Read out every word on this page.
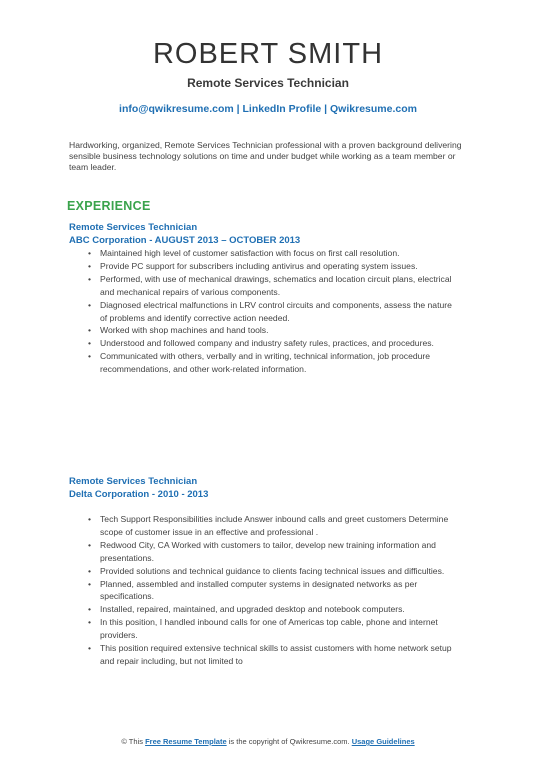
ROBERT SMITH
Remote Services Technician
info@qwikresume.com | LinkedIn Profile | Qwikresume.com
Hardworking, organized, Remote Services Technician professional with a proven background delivering sensible business technology solutions on time and under budget while working as a team member or team leader.
EXPERIENCE
Remote Services Technician
ABC Corporation - AUGUST 2013 – OCTOBER 2013
• Maintained high level of customer satisfaction with focus on first call resolution.
• Provide PC support for subscribers including antivirus and operating system issues.
• Performed, with use of mechanical drawings, schematics and location circuit plans, electrical and mechanical repairs of various components.
• Diagnosed electrical malfunctions in LRV control circuits and components, assess the nature of problems and identify corrective action needed.
• Worked with shop machines and hand tools.
• Understood and followed company and industry safety rules, practices, and procedures.
• Communicated with others, verbally and in writing, technical information, job procedure recommendations, and other work-related information.
Remote Services Technician
Delta Corporation - 2010 - 2013
• Tech Support Responsibilities include Answer inbound calls and greet customers Determine scope of customer issue in an effective and professional .
• Redwood City, CA Worked with customers to tailor, develop new training information and presentations.
• Provided solutions and technical guidance to clients facing technical issues and difficulties.
• Planned, assembled and installed computer systems in designated networks as per specifications.
• Installed, repaired, maintained, and upgraded desktop and notebook computers.
• In this position, I handled inbound calls for one of Americas top cable, phone and internet providers.
• This position required extensive technical skills to assist customers with home network setup and repair including, but not limited to
© This Free Resume Template is the copyright of Qwikresume.com. Usage Guidelines
